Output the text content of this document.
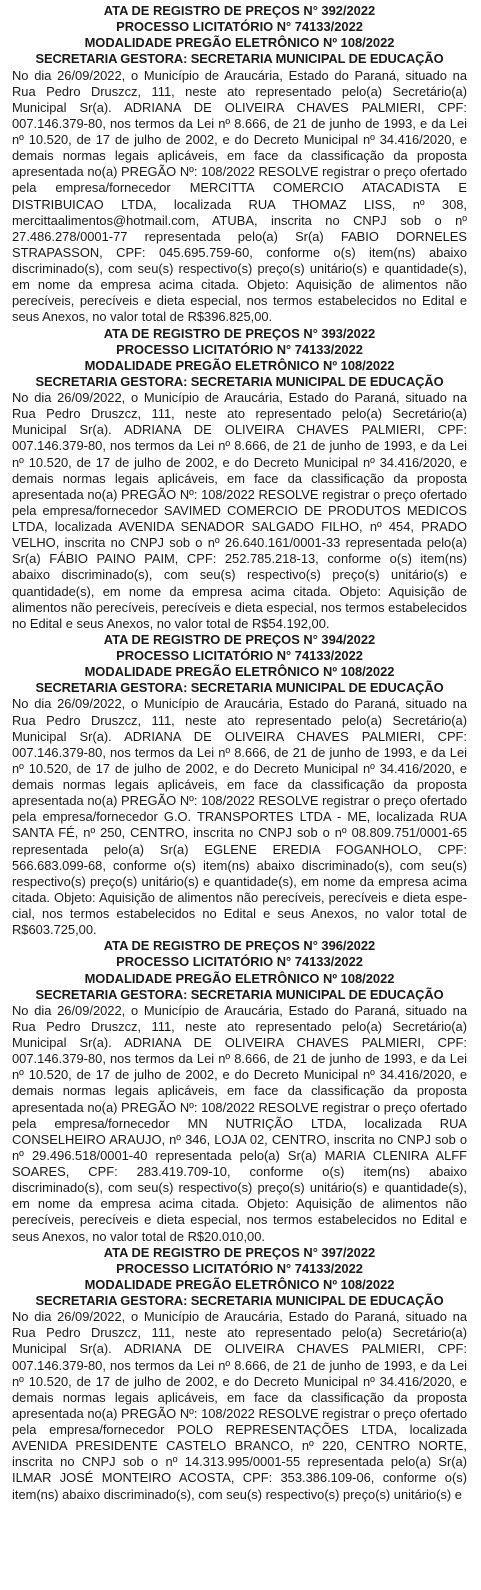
ATA DE REGISTRO DE PREÇOS N° 392/2022

PROCESSO LICITATÓRIO N° 74133/2022

MODALIDADE PREGÃO ELETRÔNICO Nº 108/2022

SECRETARIA GESTORA: SECRETARIA MUNICIPAL DE EDUCAÇÃO

No dia 26/09/2022, o Município de Araucária, Estado do Paraná, situado na Rua Pedro Druszcz, 111, neste ato representado pelo(a) Secretário(a) Municipal Sr(a). ADRIANA DE OLIVEIRA CHAVES PALMIERI, CPF: 007.146.379-80, nos termos da Lei nº 8.666, de 21 de junho de 1993, e da Lei nº 10.520, de 17 de julho de 2002, e do Decreto Municipal nº 34.416/2020, e demais normas legais aplicáveis, em face da classificação da proposta apresentada no(a) PREGÃO Nº: 108/2022 RESOLVE registrar o preço ofertado pela empresa/fornecedor MERCITTA COMERCIO ATACADISTA E DISTRIBUICAO LTDA, localizada RUA THOMAZ LISS, nº 308, mercittaalimentos@hotmail.com, ATUBA, inscrita no CNPJ sob o nº 27.486.278/0001-77 representada pelo(a) Sr(a) FABIO DORNELES STRAPASSON, CPF: 045.695.759-60, conforme o(s) item(ns) abaixo discriminado(s), com seu(s) respectivo(s) preço(s) unitário(s) e quantidade(s), em nome da empresa acima citada. Objeto: Aquisição de alimentos não perecíveis, perecíveis e dieta especial, nos termos estabelecidos no Edital e seus Anexos, no valor total de R$396.825,00.

ATA DE REGISTRO DE PREÇOS N° 393/2022

PROCESSO LICITATÓRIO N° 74133/2022

MODALIDADE PREGÃO ELETRÔNICO Nº 108/2022

SECRETARIA GESTORA: SECRETARIA MUNICIPAL DE EDUCAÇÃO

No dia 26/09/2022, o Município de Araucária, Estado do Paraná, situado na Rua Pedro Druszcz, 111, neste ato representado pelo(a) Secretário(a) Municipal Sr(a). ADRIANA DE OLIVEIRA CHAVES PALMIERI, CPF: 007.146.379-80, nos termos da Lei nº 8.666, de 21 de junho de 1993, e da Lei nº 10.520, de 17 de julho de 2002, e do Decreto Municipal nº 34.416/2020, e demais normas legais aplicáveis, em face da classificação da proposta apresentada no(a) PREGÃO Nº: 108/2022 RESOLVE registrar o preço ofertado pela empresa/fornecedor SAVIMED COMERCIO DE PRODUTOS MEDICOS LTDA, localizada AVENIDA SENADOR SALGADO FILHO, nº 454, PRADO VELHO, inscrita no CNPJ sob o nº 26.640.161/0001-33 representada pelo(a) Sr(a) FÁBIO PAINO PAIM, CPF: 252.785.218-13, conforme o(s) item(ns) abaixo discriminado(s), com seu(s) respectivo(s) preço(s) unitário(s) e quantidade(s), em nome da empresa acima citada. Objeto: Aquisição de alimentos não perecíveis, perecíveis e dieta especial, nos termos estabelecidos no Edital e seus Anexos, no valor total de R$54.192,00.

ATA DE REGISTRO DE PREÇOS N° 394/2022

PROCESSO LICITATÓRIO N° 74133/2022

MODALIDADE PREGÃO ELETRÔNICO Nº 108/2022

SECRETARIA GESTORA: SECRETARIA MUNICIPAL DE EDUCAÇÃO

No dia 26/09/2022, o Município de Araucária, Estado do Paraná, situado na Rua Pedro Druszcz, 111, neste ato representado pelo(a) Secretário(a) Municipal Sr(a). ADRIANA DE OLIVEIRA CHAVES PALMIERI, CPF: 007.146.379-80, nos termos da Lei nº 8.666, de 21 de junho de 1993, e da Lei nº 10.520, de 17 de julho de 2002, e do Decreto Municipal nº 34.416/2020, e demais normas legais aplicáveis, em face da classificação da proposta apresentada no(a) PREGÃO Nº: 108/2022 RESOLVE registrar o preço ofertado pela empresa/fornecedor G.O. TRANSPORTES LTDA - ME, localizada RUA SANTA FÉ, nº 250, CENTRO, inscrita no CNPJ sob o nº 08.809.751/0001-65 representada pelo(a) Sr(a) EGLENE EREDIA FOGANHOLO, CPF: 566.683.099-68, conforme o(s) item(ns) abaixo discriminado(s), com seu(s) respectivo(s) preço(s) unitário(s) e quantidade(s), em nome da empresa acima citada. Objeto: Aquisição de alimentos não perecíveis, perecíveis e dieta especial, nos termos estabelecidos no Edital e seus Anexos, no valor total de R$603.725,00.

ATA DE REGISTRO DE PREÇOS N° 396/2022

PROCESSO LICITATÓRIO N° 74133/2022

MODALIDADE PREGÃO ELETRÔNICO Nº 108/2022

SECRETARIA GESTORA: SECRETARIA MUNICIPAL DE EDUCAÇÃO

No dia 26/09/2022, o Município de Araucária, Estado do Paraná, situado na Rua Pedro Druszcz, 111, neste ato representado pelo(a) Secretário(a) Municipal Sr(a). ADRIANA DE OLIVEIRA CHAVES PALMIERI, CPF: 007.146.379-80, nos termos da Lei nº 8.666, de 21 de junho de 1993, e da Lei nº 10.520, de 17 de julho de 2002, e do Decreto Municipal nº 34.416/2020, e demais normas legais aplicáveis, em face da classificação da proposta apresentada no(a) PREGÃO Nº: 108/2022 RESOLVE registrar o preço ofertado pela empresa/fornecedor MN NUTRIÇÃO LTDA, localizada RUA CONSELHEIRO ARAUJO, nº 346, LOJA 02, CENTRO, inscrita no CNPJ sob o nº 29.496.518/0001-40 representada pelo(a) Sr(a) MARIA CLENIRA ALFF SOARES, CPF: 283.419.709-10, conforme o(s) item(ns) abaixo discriminado(s), com seu(s) respectivo(s) preço(s) unitário(s) e quantidade(s), em nome da empresa acima citada. Objeto: Aquisição de alimentos não perecíveis, perecíveis e dieta especial, nos termos estabelecidos no Edital e seus Anexos, no valor total de R$20.010,00.

ATA DE REGISTRO DE PREÇOS N° 397/2022

PROCESSO LICITATÓRIO N° 74133/2022

MODALIDADE PREGÃO ELETRÔNICO Nº 108/2022

SECRETARIA GESTORA: SECRETARIA MUNICIPAL DE EDUCAÇÃO

No dia 26/09/2022, o Município de Araucária, Estado do Paraná, situado na Rua Pedro Druszcz, 111, neste ato representado pelo(a) Secretário(a) Municipal Sr(a). ADRIANA DE OLIVEIRA CHAVES PALMIERI, CPF: 007.146.379-80, nos termos da Lei nº 8.666, de 21 de junho de 1993, e da Lei nº 10.520, de 17 de julho de 2002, e do Decreto Municipal nº 34.416/2020, e demais normas legais aplicáveis, em face da classificação da proposta apresentada no(a) PREGÃO Nº: 108/2022 RESOLVE registrar o preço ofertado pela empresa/fornecedor POLO REPRESENTAÇÕES LTDA, localizada AVENIDA PRESIDENTE CASTELO BRANCO, nº 220, CENTRO NORTE, inscrita no CNPJ sob o nº 14.313.995/0001-55 representada pelo(a) Sr(a) ILMAR JOSÉ MONTEIRO ACOSTA, CPF: 353.386.109-06, conforme o(s) item(ns) abaixo discriminado(s), com seu(s) respectivo(s) preço(s) unitário(s) e
